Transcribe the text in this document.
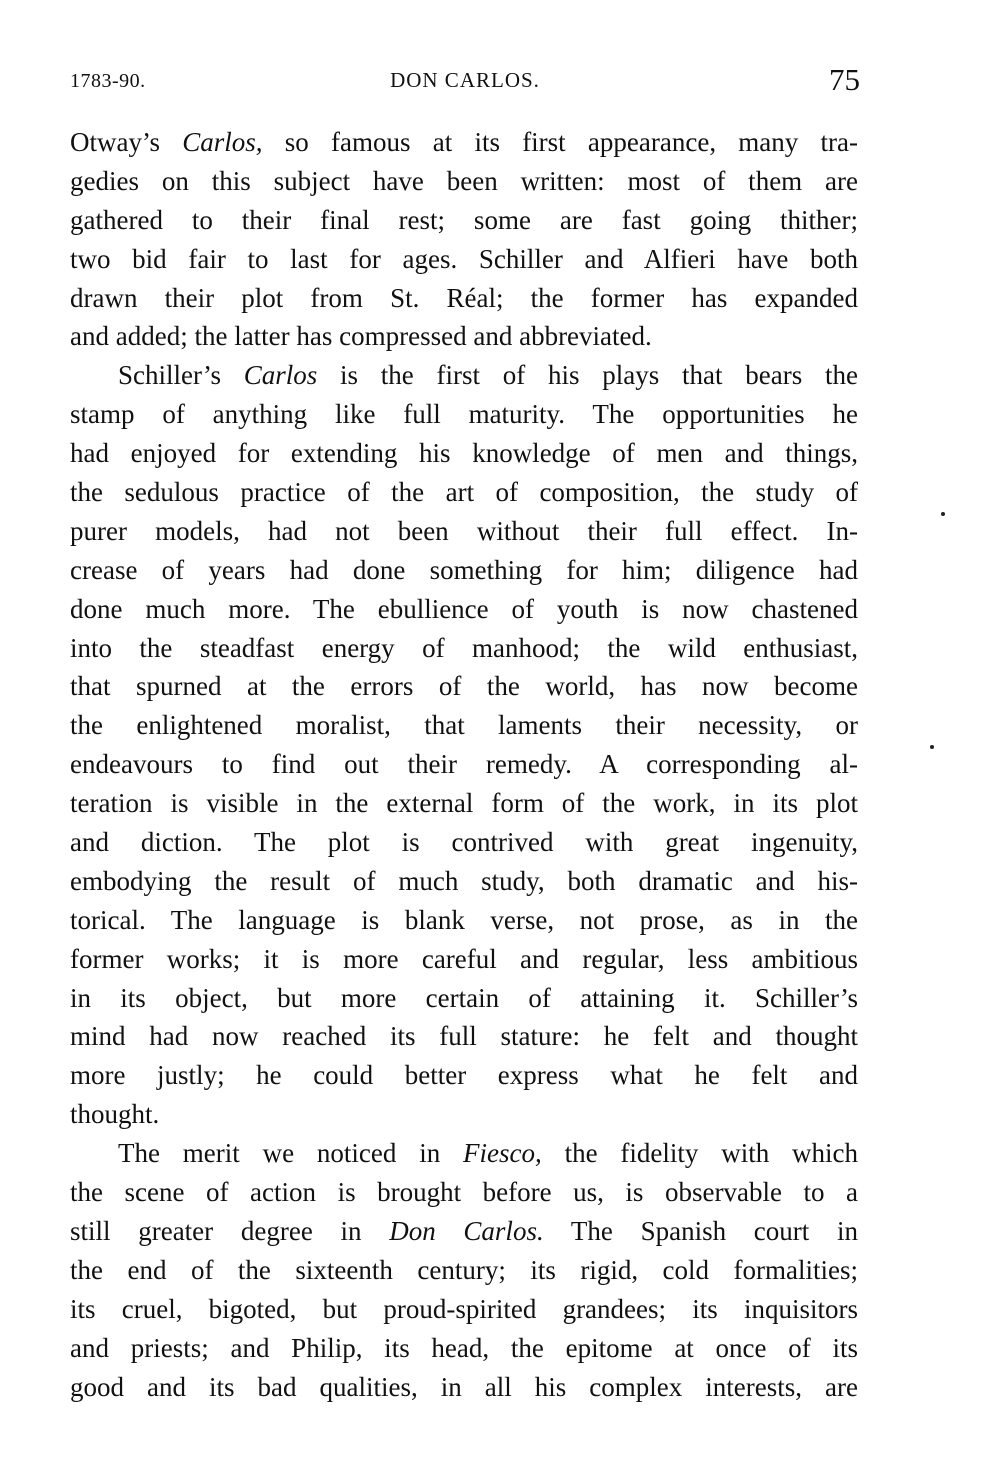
1783-90.	DON CARLOS.	75
Otway’s Carlos, so famous at its first appearance, many tra-
gedies on this subject have been written: most of them are
gathered to their final rest; some are fast going thither;
two bid fair to last for ages. Schiller and Alfieri have both
drawn their plot from St. Réal; the former has expanded
and added; the latter has compressed and abbreviated.
Schiller’s Carlos is the first of his plays that bears the
stamp of anything like full maturity. The opportunities he
had enjoyed for extending his knowledge of men and things,
the sedulous practice of the art of composition, the study of
purer models, had not been without their full effect. In-
crease of years had done something for him; diligence had
done much more. The ebullience of youth is now chastened
into the steadfast energy of manhood; the wild enthusiast,
that spurned at the errors of the world, has now become
the enlightened moralist, that laments their necessity, or
endeavours to find out their remedy. A corresponding al-
teration is visible in the external form of the work, in its plot
and diction. The plot is contrived with great ingenuity,
embodying the result of much study, both dramatic and his-
torical. The language is blank verse, not prose, as in the
former works; it is more careful and regular, less ambitious
in its object, but more certain of attaining it. Schiller’s
mind had now reached its full stature: he felt and thought
more justly; he could better express what he felt and
thought.
The merit we noticed in Fiesco, the fidelity with which
the scene of action is brought before us, is observable to a
still greater degree in Don Carlos. The Spanish court in
the end of the sixteenth century; its rigid, cold formalities;
its cruel, bigoted, but proud-spirited grandees; its inquisitors
and priests; and Philip, its head, the epitome at once of its
good and its bad qualities, in all his complex interests, are
